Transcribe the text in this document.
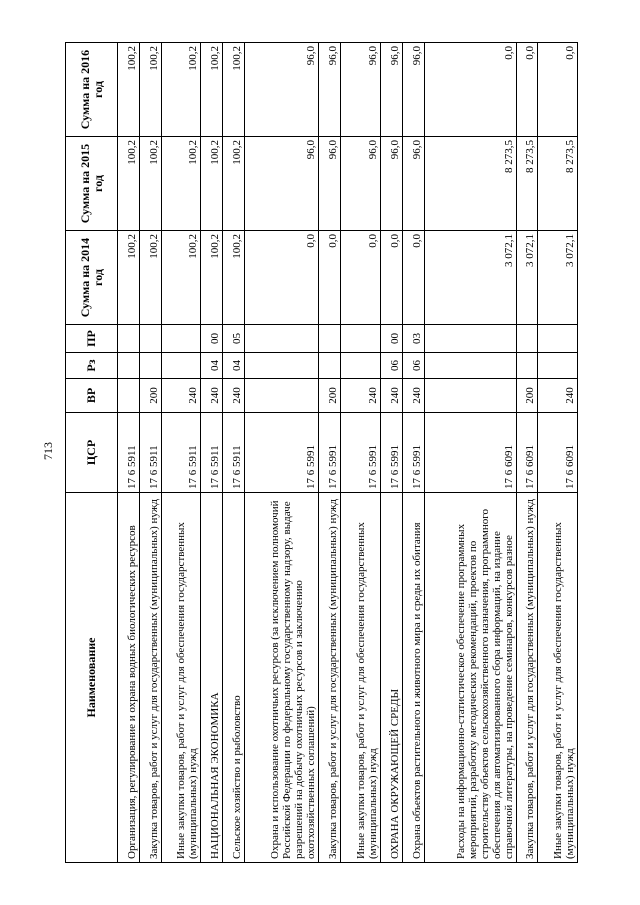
713
Наименование	ЦСР	ВР	Рз	ПР	Сумма на 2014 год	Сумма на 2015 год	Сумма на 2016 год
Организация, регулирование и охрана водных биологических ресурсов	17 6 5911				100,2	100,2	100,2
Закупка товаров, работ и услуг для государственных (муниципальных) нужд	17 6 5911	200			100,2	100,2	100,2
Иные закупки товаров, работ и услуг для обеспечения государственных (муниципальных) нужд	17 6 5911	240			100,2	100,2	100,2
НАЦИОНАЛЬНАЯ ЭКОНОМИКА	17 6 5911	240	04	00	100,2	100,2	100,2
Сельское хозяйство и рыболовство	17 6 5911	240	04	05	100,2	100,2	100,2
Охрана и использование охотничьих ресурсов (за исключением полномочий Российской Федерации по федеральному государственному надзору, выдаче разрешений на добычу охотничьих ресурсов и заключению охотхозяйственных соглашений)	17 6 5991				0,0	96,0	96,0
Закупка товаров, работ и услуг для государственных (муниципальных) нужд	17 6 5991	200			0,0	96,0	96,0
Иные закупки товаров, работ и услуг для обеспечения государственных (муниципальных) нужд	17 6 5991	240			0,0	96,0	96,0
ОХРАНА ОКРУЖАЮЩЕЙ СРЕДЫ	17 6 5991	240	06	00	0,0	96,0	96,0
Охрана объектов растительного и животного мира и среды их обитания	17 6 5991	240	06	03	0,0	96,0	96,0
Расходы на информационно-статистическое обеспечение программных мероприятий, разработку методических рекомендаций, проектов по строительству объектов сельскохозяйственного назначения, программного обеспечения для автоматизированного сбора информаций, на издание справочной литературы, на проведение семинаров, конкурсов разное	17 6 6091				3 072,1	8 273,5	0,0
Закупка товаров, работ и услуг для государственных (муниципальных) нужд	17 6 6091	200			3 072,1	8 273,5	0,0
Иные закупки товаров, работ и услуг для обеспечения государственных (муниципальных) нужд	17 6 6091	240			3 072,1	8 273,5	0,0
